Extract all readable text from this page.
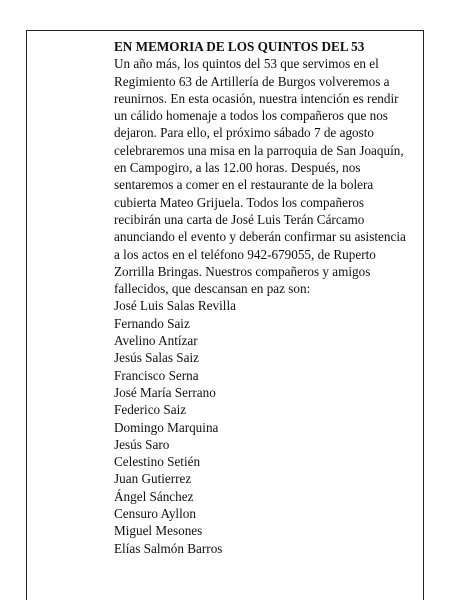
EN MEMORIA DE LOS QUINTOS DEL 53
Un año más, los quintos del 53 que servimos en el
Regimiento 63 de Artillería de Burgos volveremos a
reunirnos. En esta ocasión, nuestra intención es rendir
un cálido homenaje a todos los compañeros que nos
dejaron. Para ello, el próximo sábado 7 de agosto
celebraremos una misa en la parroquia de San Joaquín,
en Campogiro, a las 12.00 horas. Después, nos
sentaremos a comer en el restaurante de la bolera
cubierta Mateo Grijuela. Todos los compañeros
recibirán una carta de José Luis Terán Cárcamo
anunciando el evento y deberán confirmar su asistencia
a los actos en el teléfono 942-679055, de Ruperto
Zorrilla Bringas. Nuestros compañeros y amigos
fallecidos, que descansan en paz son:
José Luis Salas Revilla
Fernando Saiz
Avelino Antízar
Jesús Salas Saiz
Francisco Serna
José María Serrano
Federico Saiz
Domingo Marquina
Jesús Saro
Celestino Setién
Juan Gutierrez
Ángel Sánchez
Censuro Ayllon
Miguel Mesones
Elías Salmón Barros
